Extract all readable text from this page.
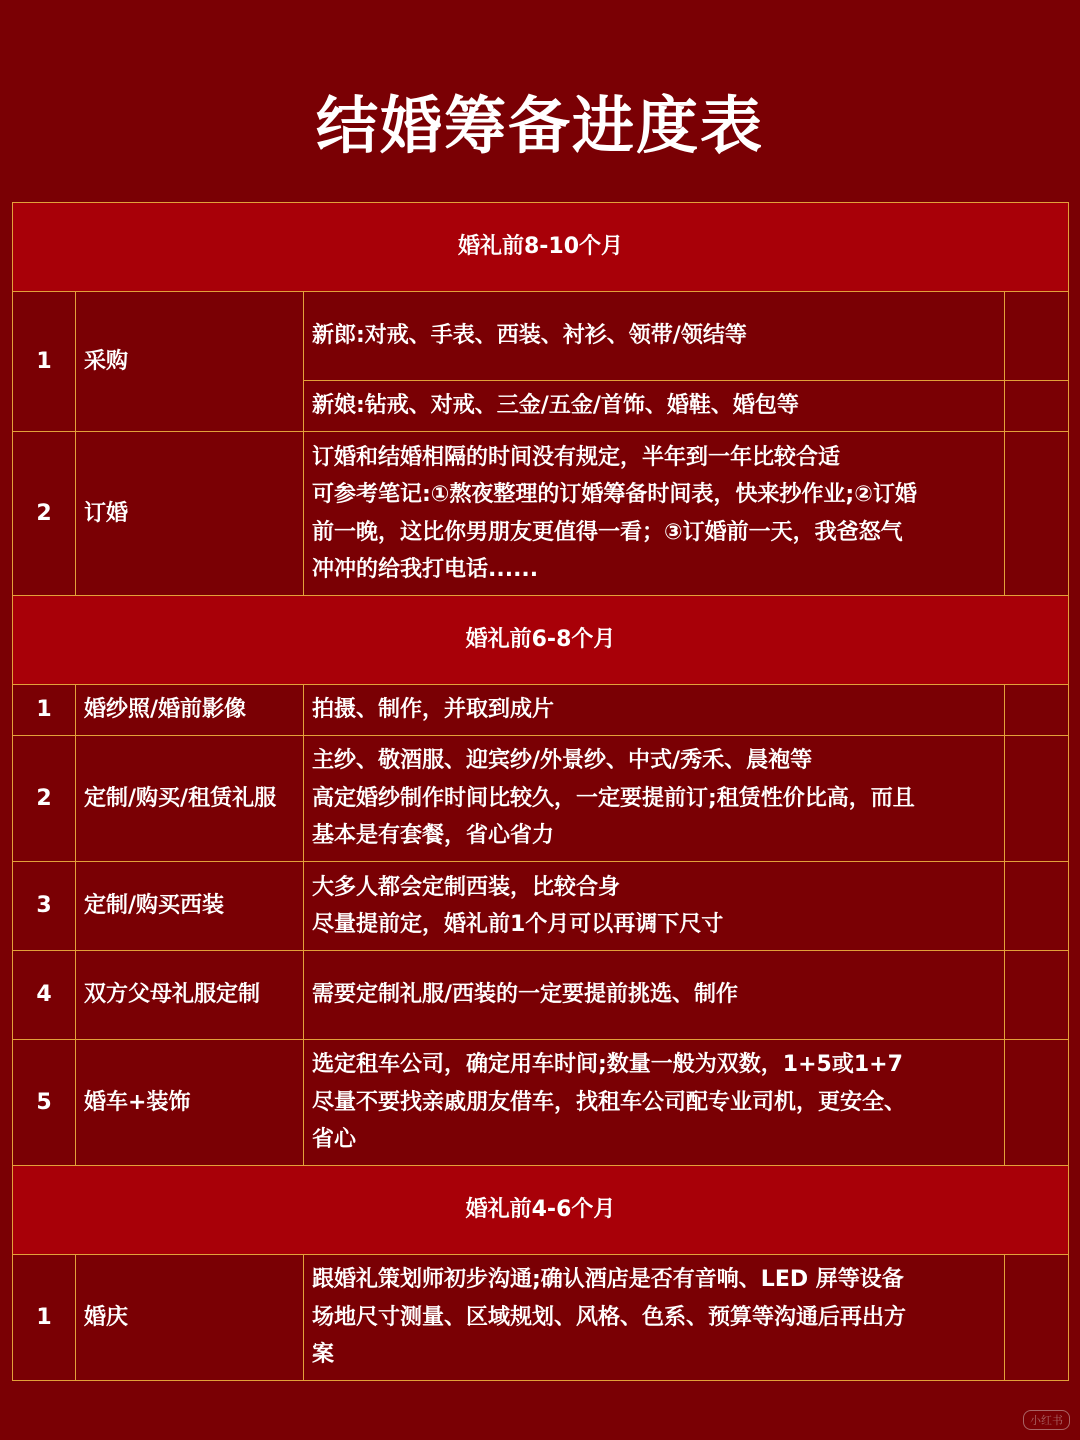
结婚筹备进度表
婚礼前8-10个月			
1	采购	新郎:对戒、手表、西装、衬衫、领带/领结等	
		新娘:钻戒、对戒、三金/五金/首饰、婚鞋、婚包等	
2	订婚	订婚和结婚相隔的时间没有规定，半年到一年比较合适
可参考笔记:①熬夜整理的订婚筹备时间表，快来抄作业;②订婚
前一晚，这比你男朋友更值得一看；③订婚前一天，我爸怒气
冲冲的给我打电话......	

婚礼前6-8个月			
1	婚纱照/婚前影像	拍摄、制作，并取到成片	
2	定制/购买/租赁礼服	主纱、敬酒服、迎宾纱/外景纱、中式/秀禾、晨袍等
高定婚纱制作时间比较久，一定要提前订;租赁性价比高，而且
基本是有套餐，省心省力	

3	定制/购买西装	大多人都会定制西装，比较合身
尽量提前定，婚礼前1个月可以再调下尺寸	

4	双方父母礼服定制	需要定制礼服/西装的一定要提前挑选、制作	
5	婚车+装饰	选定租车公司，确定用车时间;数量一般为双数，1+5或1+7
尽量不要找亲戚朋友借车，找租车公司配专业司机，更安全、
省心	

婚礼前4-6个月			
1	婚庆	跟婚礼策划师初步沟通;确认酒店是否有音响、LED 屏等设备
场地尺寸测量、区域规划、风格、色系、预算等沟通后再出方
案	

小红书
